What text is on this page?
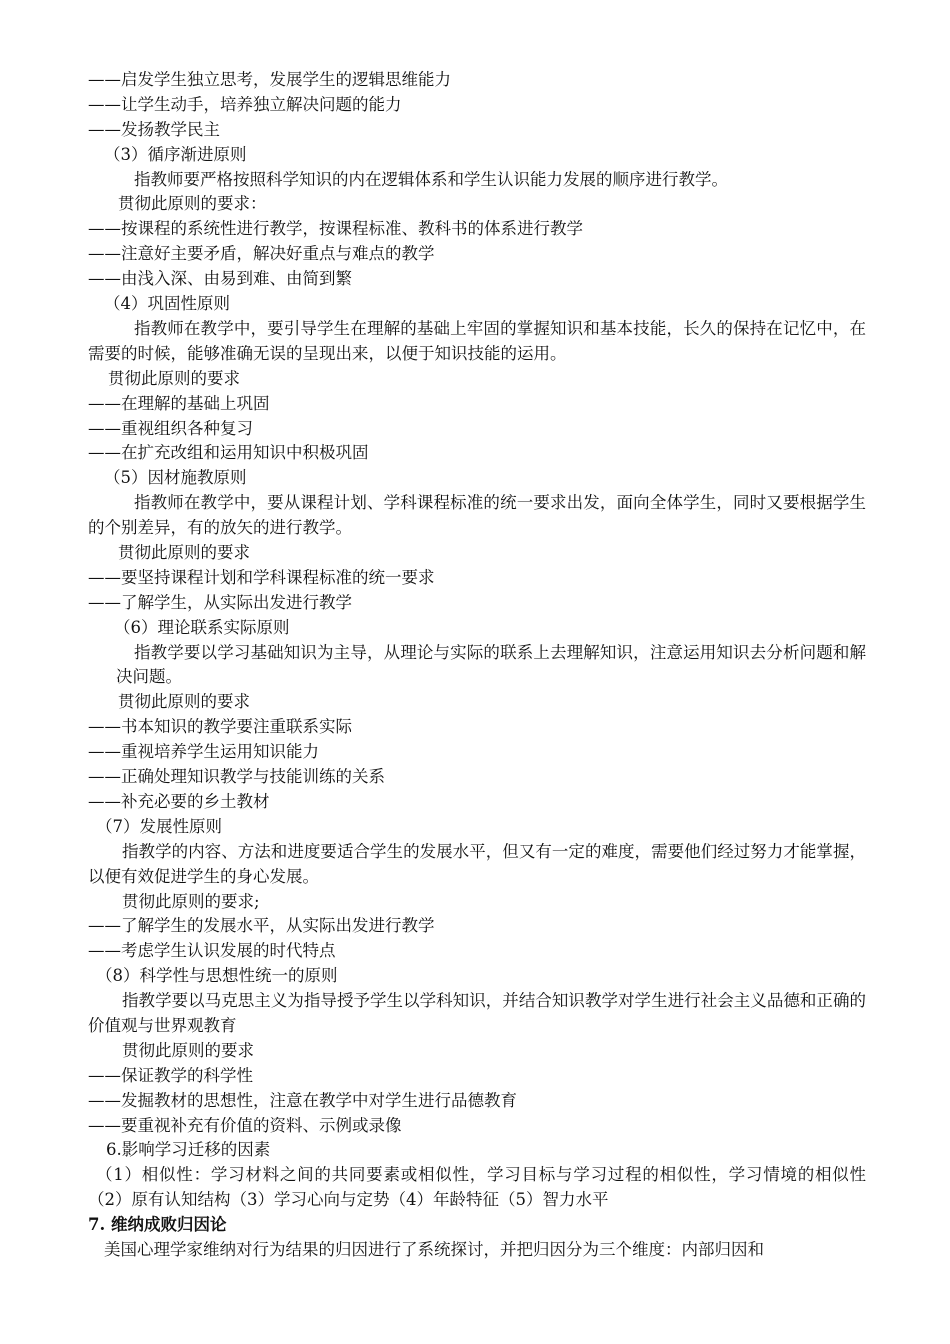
——启发学生独立思考，发展学生的逻辑思维能力
——让学生动手，培养独立解决问题的能力
——发扬教学民主
（3）循序渐进原则
指教师要严格按照科学知识的内在逻辑体系和学生认识能力发展的顺序进行教学。
贯彻此原则的要求：
——按课程的系统性进行教学，按课程标准、教科书的体系进行教学
——注意好主要矛盾，解决好重点与难点的教学
——由浅入深、由易到难、由简到繁
（4）巩固性原则
指教师在教学中，要引导学生在理解的基础上牢固的掌握知识和基本技能，长久的保持在记忆中，在需要的时候，能够准确无误的呈现出来，以便于知识技能的运用。
贯彻此原则的要求
——在理解的基础上巩固
——重视组织各种复习
——在扩充改组和运用知识中积极巩固
（5）因材施教原则
指教师在教学中，要从课程计划、学科课程标准的统一要求出发，面向全体学生，同时又要根据学生的个别差异，有的放矢的进行教学。
贯彻此原则的要求
——要坚持课程计划和学科课程标准的统一要求
——了解学生，从实际出发进行教学
（6）理论联系实际原则
指教学要以学习基础知识为主导，从理论与实际的联系上去理解知识，注意运用知识去分析问题和解决问题。
贯彻此原则的要求
——书本知识的教学要注重联系实际
——重视培养学生运用知识能力
——正确处理知识教学与技能训练的关系
——补充必要的乡土教材
（7）发展性原则
指教学的内容、方法和进度要适合学生的发展水平，但又有一定的难度，需要他们经过努力才能掌握，以便有效促进学生的身心发展。
贯彻此原则的要求;
——了解学生的发展水平，从实际出发进行教学
——考虑学生认识发展的时代特点
（8）科学性与思想性统一的原则
指教学要以马克思主义为指导授予学生以学科知识，并结合知识教学对学生进行社会主义品德和正确的价值观与世界观教育
贯彻此原则的要求
——保证教学的科学性
——发掘教材的思想性，注意在教学中对学生进行品德教育
——要重视补充有价值的资料、示例或录像
6.影响学习迁移的因素
（1）相似性：学习材料之间的共同要素或相似性，学习目标与学习过程的相似性，学习情境的相似性（2）原有认知结构（3）学习心向与定势（4）年龄特征（5）智力水平
7. 维纳成败归因论
美国心理学家维纳对行为结果的归因进行了系统探讨，并把归因分为三个维度：内部归因和
